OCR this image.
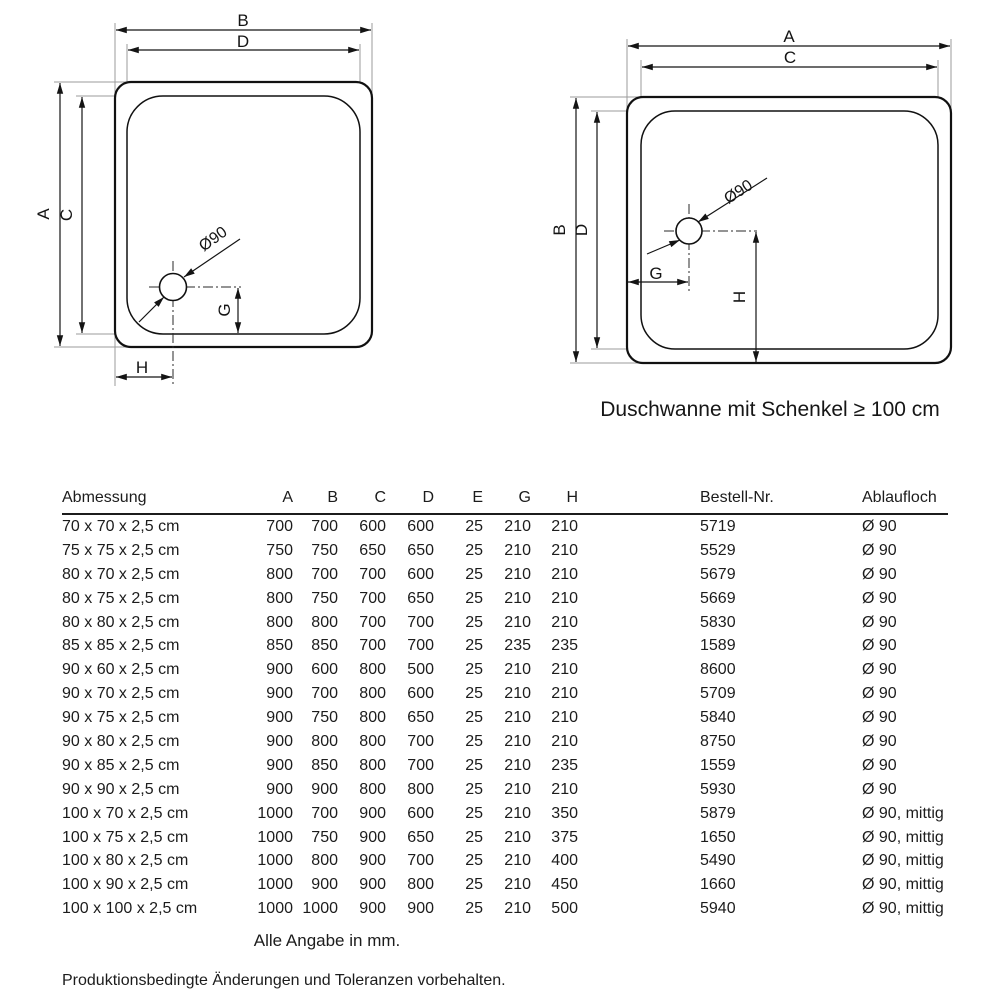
B
D
A C
G
H
Ø90
A
C
B D
G
H
Ø90
Duschwanne mit Schenkel ≥ 100 cm
Abmessung	A	B	C	D	E	G	H	Bestell-Nr.	Ablaufloch
70 x 70 x 2,5 cm	700	700	600	600	25	210	210	5719	Ø 90
75 x 75 x 2,5 cm	750	750	650	650	25	210	210	5529	Ø 90
80 x 70 x 2,5 cm	800	700	700	600	25	210	210	5679	Ø 90
80 x 75 x 2,5 cm	800	750	700	650	25	210	210	5669	Ø 90
80 x 80 x 2,5 cm	800	800	700	700	25	210	210	5830	Ø 90
85 x 85 x 2,5 cm	850	850	700	700	25	235	235	1589	Ø 90
90 x 60 x 2,5 cm	900	600	800	500	25	210	210	8600	Ø 90
90 x 70 x 2,5 cm	900	700	800	600	25	210	210	5709	Ø 90
90 x 75 x 2,5 cm	900	750	800	650	25	210	210	5840	Ø 90
90 x 80 x 2,5 cm	900	800	800	700	25	210	210	8750	Ø 90
90 x 85 x 2,5 cm	900	850	800	700	25	210	235	1559	Ø 90
90 x 90 x 2,5 cm	900	900	800	800	25	210	210	5930	Ø 90
100 x 70 x 2,5 cm	1000	700	900	600	25	210	350	5879	Ø 90, mittig
100 x 75 x 2,5 cm	1000	750	900	650	25	210	375	1650	Ø 90, mittig
100 x 80 x 2,5 cm	1000	800	900	700	25	210	400	5490	Ø 90, mittig
100 x 90 x 2,5 cm	1000	900	900	800	25	210	450	1660	Ø 90, mittig
100 x 100 x 2,5 cm	1000	1000	900	900	25	210	500	5940	Ø 90, mittig
Alle Angabe in mm.
Produktionsbedingte Änderungen und Toleranzen vorbehalten.
